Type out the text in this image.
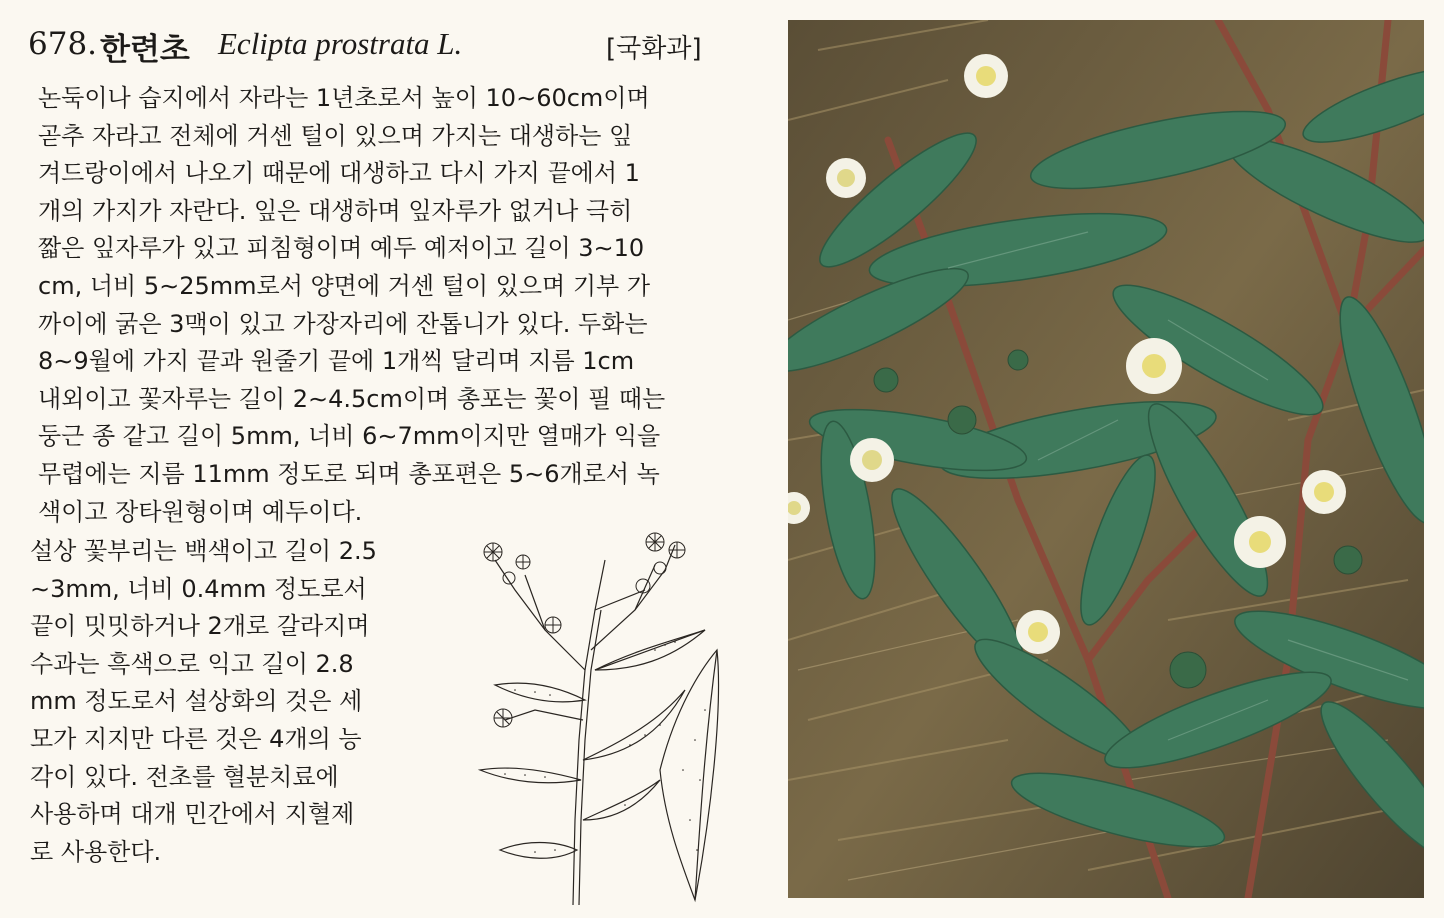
678. 한련초 Eclipta prostrata L.	[국화과]
논둑이나 습지에서 자라는 1년초로서 높이 10∼60cm이며
곧추 자라고 전체에 거센 털이 있으며 가지는 대생하는 잎
겨드랑이에서 나오기 때문에 대생하고 다시 가지 끝에서 1
개의 가지가 자란다. 잎은 대생하며 잎자루가 없거나 극히
짧은 잎자루가 있고 피침형이며 예두 예저이고 길이 3∼10
cm, 너비 5∼25mm로서 양면에 거센 털이 있으며 기부 가
까이에 굵은 3맥이 있고 가장자리에 잔톱니가 있다. 두화는
8∼9월에 가지 끝과 원줄기 끝에 1개씩 달리며 지름 1cm
내외이고 꽃자루는 길이 2∼4.5cm이며 총포는 꽃이 필 때는
둥근 종 같고 길이 5mm, 너비 6∼7mm이지만 열매가 익을
무렵에는 지름 11mm 정도로 되며 총포편은 5∼6개로서 녹
색이고 장타원형이며 예두이다.
설상 꽃부리는 백색이고 길이 2.5
∼3mm, 너비 0.4mm 정도로서
끝이 밋밋하거나 2개로 갈라지며
수과는 흑색으로 익고 길이 2.8
mm 정도로서 설상화의 것은 세
모가 지지만 다른 것은 4개의 능
각이 있다. 전초를 혈분치료에
사용하며 대개 민간에서 지혈제
로 사용한다.
